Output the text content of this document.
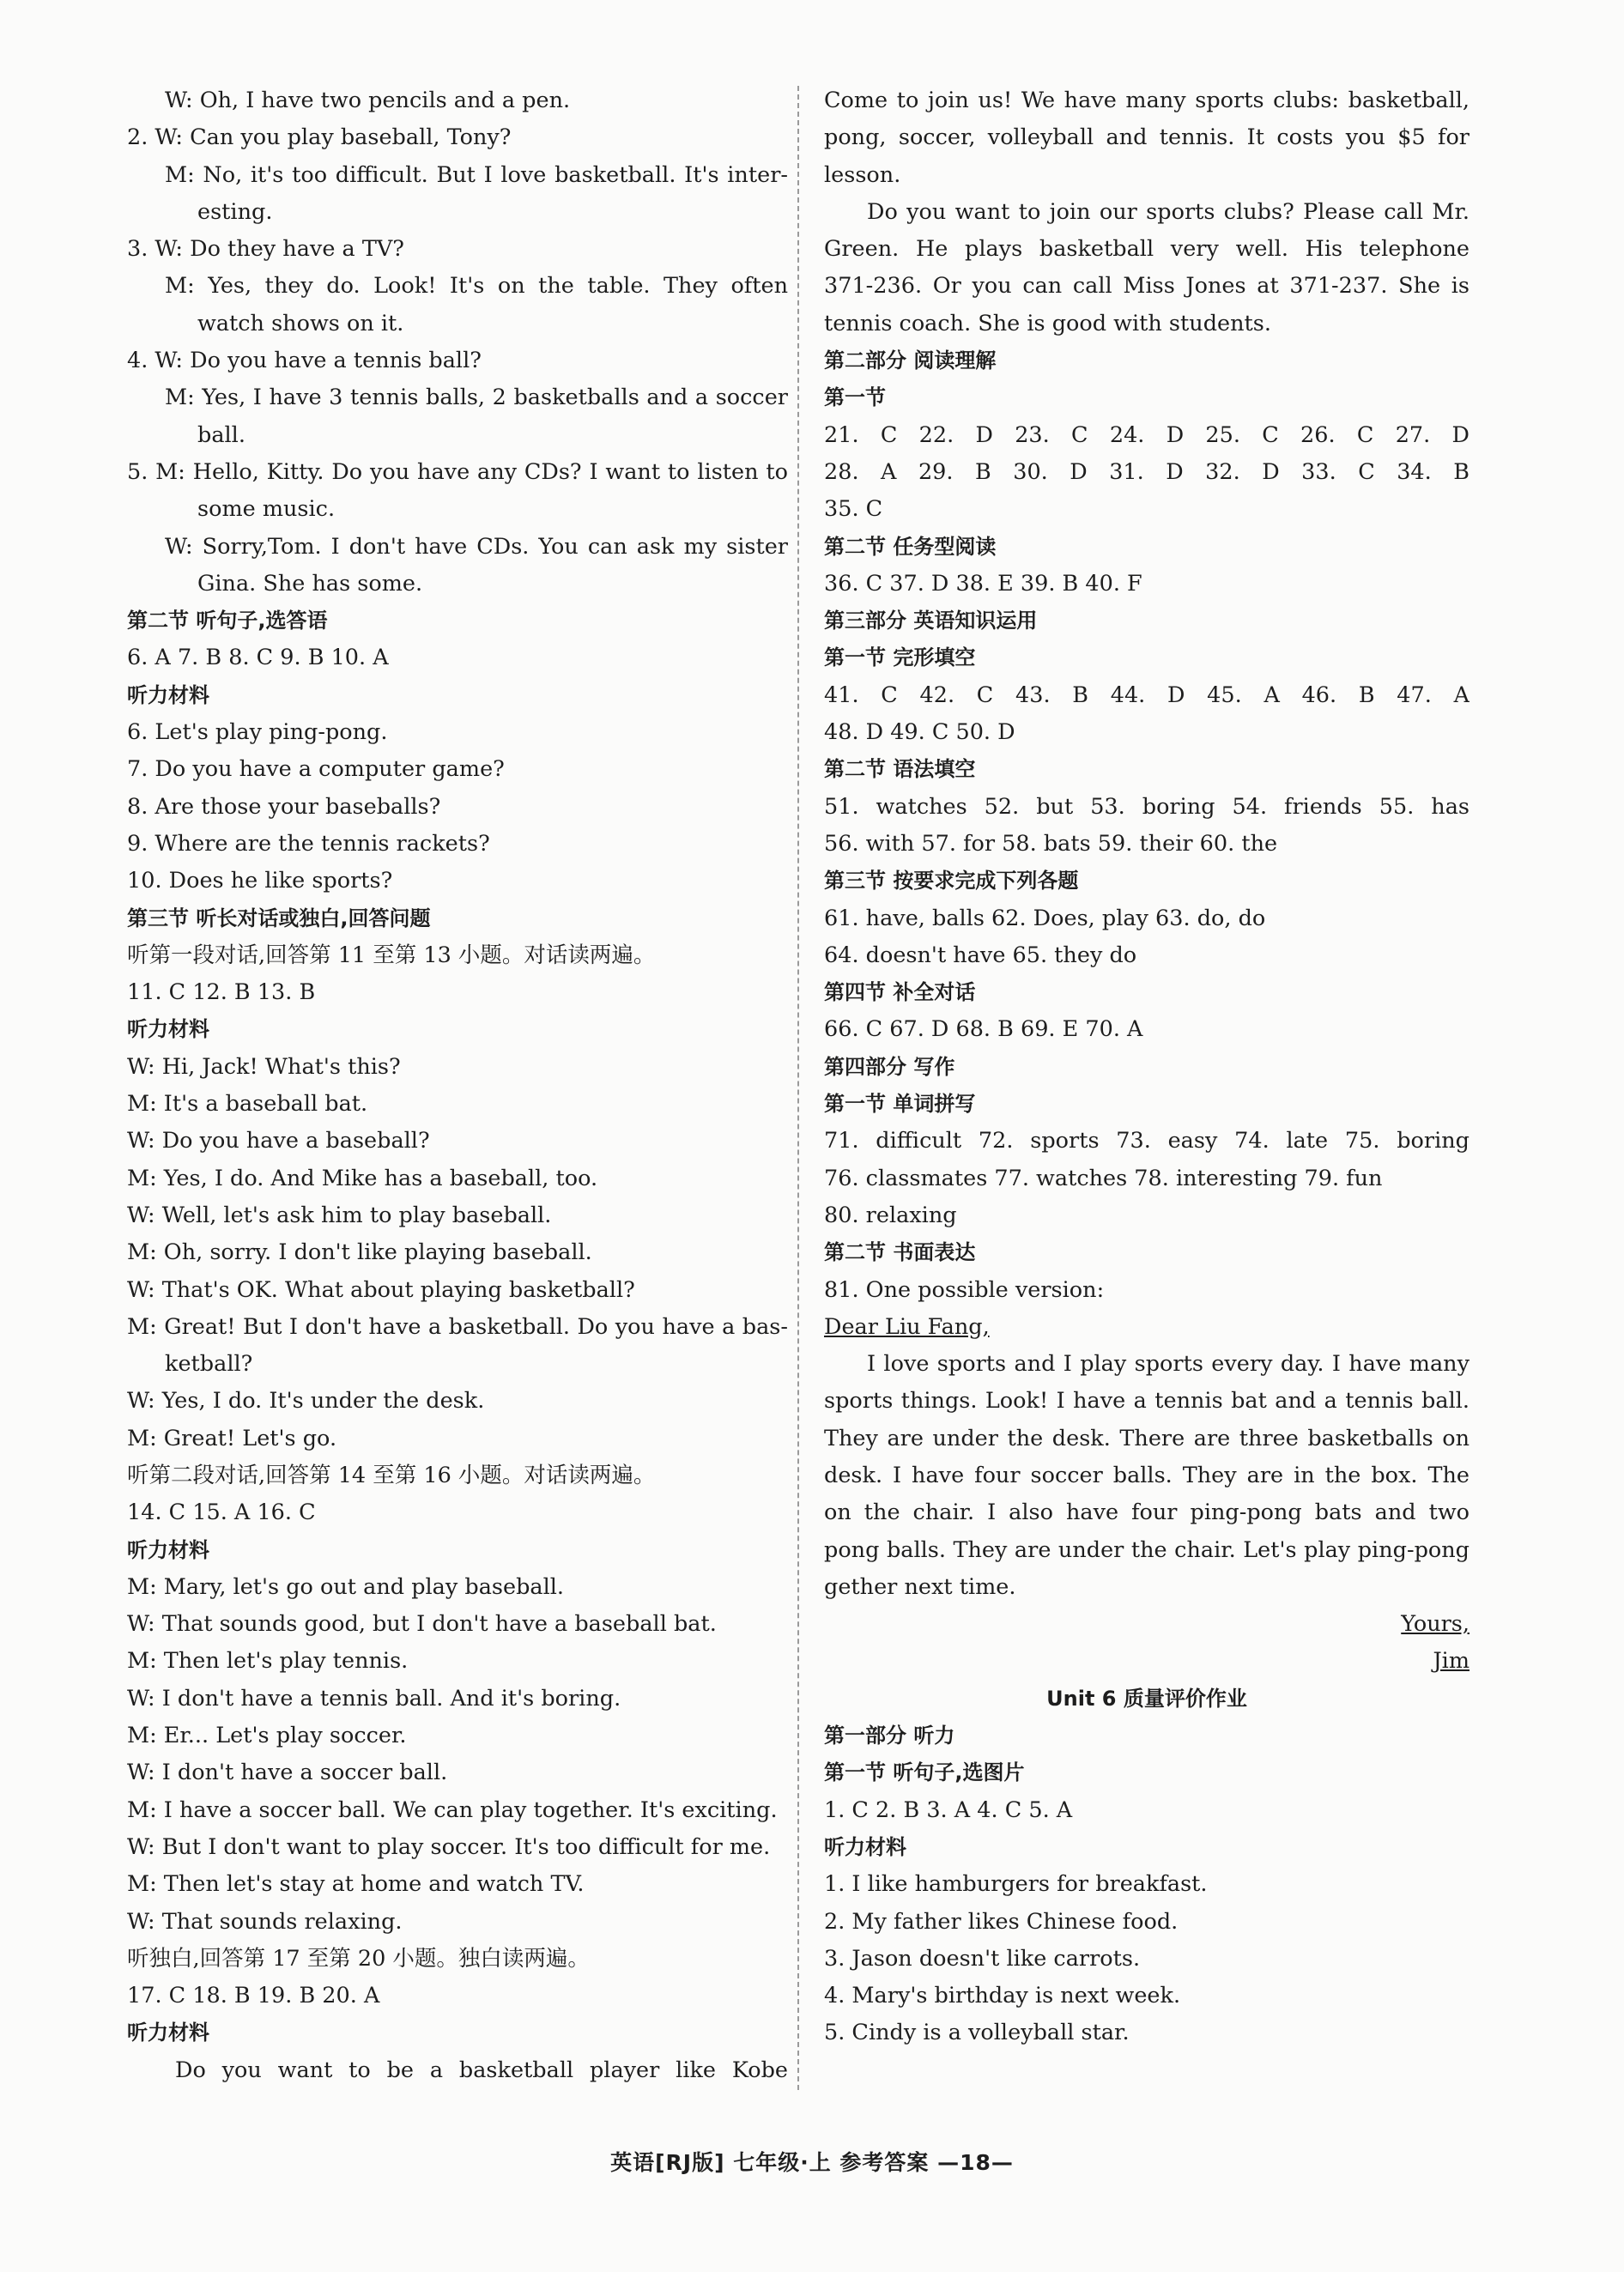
W: Oh, I have two pencils and a pen.
2. W: Can you play baseball, Tony?
M: No, it's too difficult. But I love basketball. It's inter-
esting.
3. W: Do they have a TV?
M: Yes, they do. Look! It's on the table. They often
watch shows on it.
4. W: Do you have a tennis ball?
M: Yes, I have 3 tennis balls, 2 basketballs and a soccer
ball.
5. M: Hello, Kitty. Do you have any CDs? I want to listen to
some music.
W: Sorry,Tom. I don't have CDs. You can ask my sister
Gina. She has some.
第二节 听句子,选答语
6. A 7. B 8. C 9. B 10. A
听力材料
6. Let's play ping-pong.
7. Do you have a computer game?
8. Are those your baseballs?
9. Where are the tennis rackets?
10. Does he like sports?
第三节 听长对话或独白,回答问题
听第一段对话,回答第 11 至第 13 小题。对话读两遍。
11. C 12. B 13. B
听力材料
W: Hi, Jack! What's this?
M: It's a baseball bat.
W: Do you have a baseball?
M: Yes, I do. And Mike has a baseball, too.
W: Well, let's ask him to play baseball.
M: Oh, sorry. I don't like playing baseball.
W: That's OK. What about playing basketball?
M: Great! But I don't have a basketball. Do you have a bas-
ketball?
W: Yes, I do. It's under the desk.
M: Great! Let's go.
听第二段对话,回答第 14 至第 16 小题。对话读两遍。
14. C 15. A 16. C
听力材料
M: Mary, let's go out and play baseball.
W: That sounds good, but I don't have a baseball bat.
M: Then let's play tennis.
W: I don't have a tennis ball. And it's boring.
M: Er... Let's play soccer.
W: I don't have a soccer ball.
M: I have a soccer ball. We can play together. It's exciting.
W: But I don't want to play soccer. It's too difficult for me.
M: Then let's stay at home and watch TV.
W: That sounds relaxing.
听独白,回答第 17 至第 20 小题。独白读两遍。
17. C 18. B 19. B 20. A
听力材料
Do you want to be a basketball player like Kobe
Come to join us! We have many sports clubs: basketball,
pong, soccer, volleyball and tennis. It costs you $5 for
lesson.
Do you want to join our sports clubs? Please call Mr.
Green. He plays basketball very well. His telephone
371-236. Or you can call Miss Jones at 371-237. She is
tennis coach. She is good with students.
第二部分 阅读理解
第一节
21. C 22. D 23. C 24. D 25. C 26. C 27. D
28. A 29. B 30. D 31. D 32. D 33. C 34. B
35. C
第二节 任务型阅读
36. C 37. D 38. E 39. B 40. F
第三部分 英语知识运用
第一节 完形填空
41. C 42. C 43. B 44. D 45. A 46. B 47. A
48. D 49. C 50. D
第二节 语法填空
51. watches 52. but 53. boring 54. friends 55. has
56. with 57. for 58. bats 59. their 60. the
第三节 按要求完成下列各题
61. have, balls 62. Does, play 63. do, do
64. doesn't have 65. they do
第四节 补全对话
66. C 67. D 68. B 69. E 70. A
第四部分 写作
第一节 单词拼写
71. difficult 72. sports 73. easy 74. late 75. boring
76. classmates 77. watches 78. interesting 79. fun
80. relaxing
第二节 书面表达
81. One possible version:
Dear Liu Fang,
I love sports and I play sports every day. I have many
sports things. Look! I have a tennis bat and a tennis ball.
They are under the desk. There are three basketballs on
desk. I have four soccer balls. They are in the box. The
on the chair. I also have four ping-pong bats and two
pong balls. They are under the chair. Let's play ping-pong
gether next time.
Yours,
Jim
Unit 6 质量评价作业
第一部分 听力
第一节 听句子,选图片
1. C 2. B 3. A 4. C 5. A
听力材料
1. I like hamburgers for breakfast.
2. My father likes Chinese food.
3. Jason doesn't like carrots.
4. Mary's birthday is next week.
5. Cindy is a volleyball star.
英语[RJ版] 七年级·上 参考答案 —18—
